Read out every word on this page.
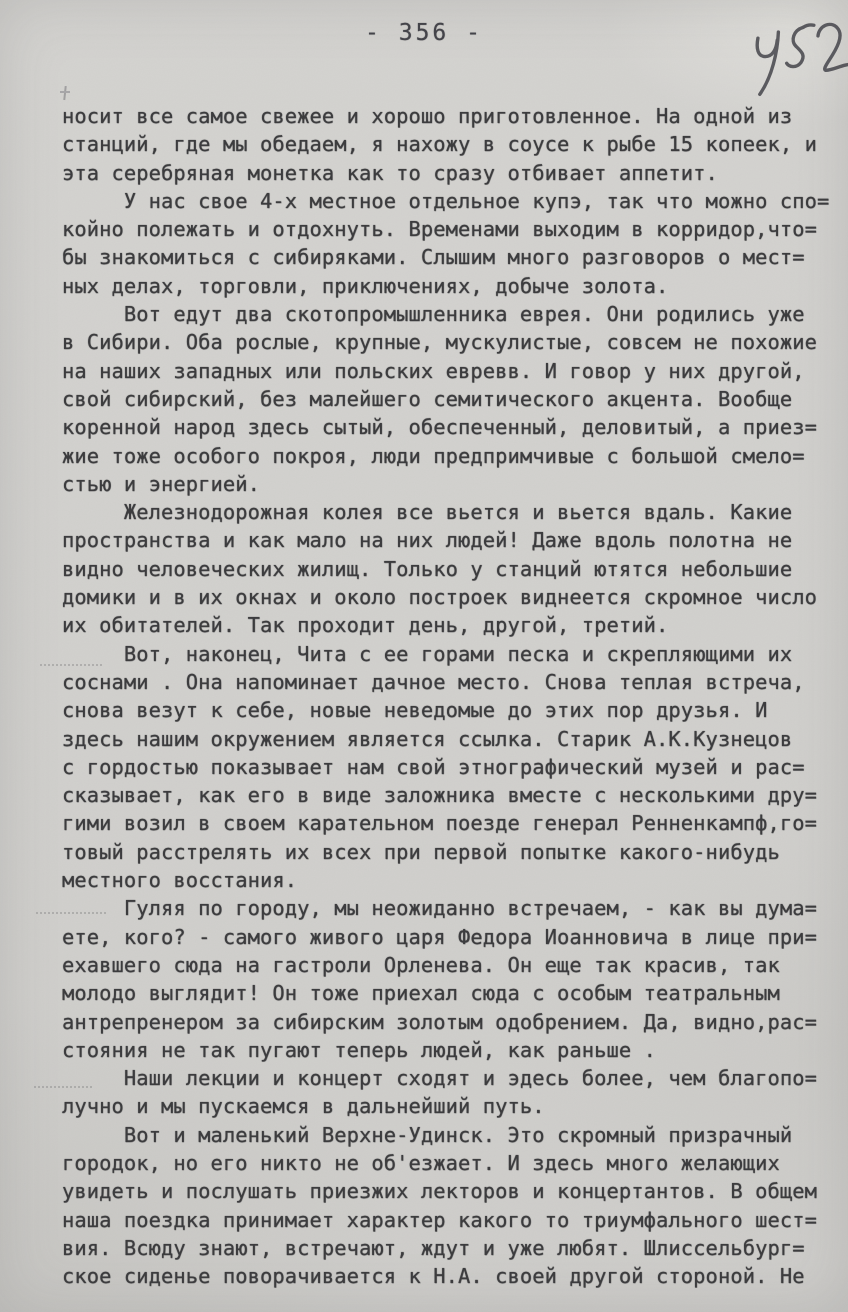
- 356 -
носит все самое свежее и хорошо приготовленное. На одной из
станций, где мы обедаем, я нахожу в соусе к рыбе 15 копеек, и
эта серебряная монетка как то сразу отбивает аппетит.
У нас свое 4-х местное отдельное купэ, так что можно спо=
койно полежать и отдохнуть. Временами выходим в корридор,что=
бы знакомиться с сибиряками. Слышим много разговоров о мест=
ных делах, торговли, приключениях, добыче золота.
Вот едут два скотопромышленника еврея. Они родились уже
в Сибири. Оба рослые, крупные, мускулистые, совсем не похожие
на наших западных или польских евревв. И говор у них другой,
свой сибирский, без малейшего семитического акцента. Вообще
коренной народ здесь сытый, обеспеченный, деловитый, а приез=
жие тоже особого покроя, люди предпримчивые с большой смело=
стью и энергией.
Железнодорожная колея все вьется и вьется вдаль. Какие
пространства и как мало на них людей! Даже вдоль полотна не
видно человеческих жилищ. Только у станций ютятся небольшие
домики и в их окнах и около построек виднеется скромное число
их обитателей. Так проходит день, другой, третий.
Вот, наконец, Чита с ее горами песка и скрепляющими их
соснами . Она напоминает дачное место. Снова теплая встреча,
снова везут к себе, новые неведомые до этих пор друзья. И
здесь нашим окружением является ссылка. Старик А.К.Кузнецов
с гордостью показывает нам свой этнографический музей и рас=
сказывает, как его в виде заложника вместе с несколькими дру=
гими возил в своем карательном поезде генерал Ренненкампф,го=
товый расстрелять их всех при первой попытке какого-нибудь
местного восстания.
Гуляя по городу, мы неожиданно встречаем, - как вы дума=
ете, кого? - самого живого царя Федора Иоанновича в лице при=
ехавшего сюда на гастроли Орленева. Он еще так красив, так
молодо выглядит! Он тоже приехал сюда с особым театральным
антрепренером за сибирским золотым одобрением. Да, видно,рас=
стояния не так пугают теперь людей, как раньше .
Наши лекции и концерт сходят и эдесь более, чем благопо=
лучно и мы пускаемся в дальнейший путь.
Вот и маленький Верхне-Удинск. Это скромный призрачный
городок, но его никто не об'езжает. И здесь много желающих
увидеть и послушать приезжих лекторов и концертантов. В общем
наша поездка принимает характер какого то триумфального шест=
вия. Всюду знают, встречают, ждут и уже любят. Шлиссельбург=
ское сиденье поворачивается к Н.А. своей другой стороной. Не
